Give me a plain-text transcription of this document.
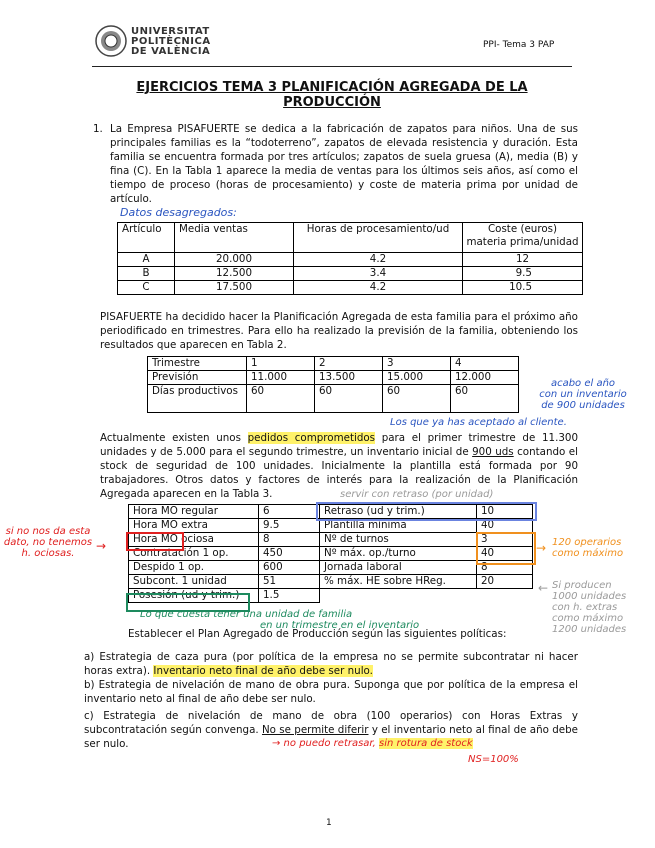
UNIVERSITAT
POLITÈCNICA
DE VALÈNCIA
PPI- Tema 3 PAP
EJERCICIOS TEMA 3 PLANIFICACIÓN AGREGADA DE LA
PRODUCCIÓN
1. La Empresa PISAFUERTE se dedica a la fabricación de zapatos para niños. Una de sus principales familias es la “todoterreno”, zapatos de elevada resistencia y duración. Esta familia se encuentra formada por tres artículos; zapatos de suela gruesa (A), media (B) y fina (C). En la Tabla 1 aparece la media de ventas para los últimos seis años, así como el tiempo de proceso (horas de procesamiento) y coste de materia prima por unidad de artículo.
Datos desagregados:
Artículo	Media ventas	Horas de procesamiento/ud	Coste (euros)
materia prima/unidad

A	20.000	4.2	12
B	12.500	3.4	9.5
C	17.500	4.2	10.5
PISAFUERTE ha decidido hacer la Planificación Agregada de esta familia para el próximo año periodificado en trimestres. Para ello ha realizado la previsión de la familia, obteniendo los resultados que aparecen en Tabla 2.
Trimestre	1	2	3	4
Previsión	11.000	13.500	15.000	12.000
Días productivos	60	60	60	60
acabo el año
con un inventario
de 900 unidades
Los que ya has aceptado al cliente.
Actualmente existen unos pedidos comprometidos para el primer trimestre de 11.300 unidades y de 5.000 para el segundo trimestre, un inventario inicial de 900 uds contando el stock de seguridad de 100 unidades. Inicialmente la plantilla está formada por 90 trabajadores. Otros datos y factores de interés para la realización de la Planificación Agregada aparecen en la Tabla 3.	servir con retraso (por unidad)
Hora MO regular	6	Retraso (ud y trim.)	10
Hora MO extra	9.5	Plantilla mínima	40
Hora MO ociosa	8	Nº de turnos	3
Contratación 1 op.	450	Nº máx. op./turno	40
Despido 1 op.	600	Jornada laboral	8
Subcont. 1 unidad	51	% máx. HE sobre HReg.	20
Posesión (ud y trim.)	1.5		
si no nos da esta
dato, no tenemos
h. ociosas.
→	→ 120 operarios
como máximo
← Si producen
1000 unidades
con h. extras
como máximo
1200 unidades
Lo que cuesta tener una unidad de familia
en un trimestre en el inventario
Establecer el Plan Agregado de Producción según las siguientes políticas:
a) Estrategia de caza pura (por política de la empresa no se permite subcontratar ni hacer horas extra). Inventario neto final de año debe ser nulo.
b) Estrategia de nivelación de mano de obra pura. Suponga que por política de la empresa el inventario neto al final de año debe ser nulo.
c) Estrategia de nivelación de mano de obra (100 operarios) con Horas Extras y subcontratación según convenga. No se permite diferir y el inventario neto al final de año debe ser nulo.	→ no puedo retrasar, sin rotura de stock
NS=100%
1
